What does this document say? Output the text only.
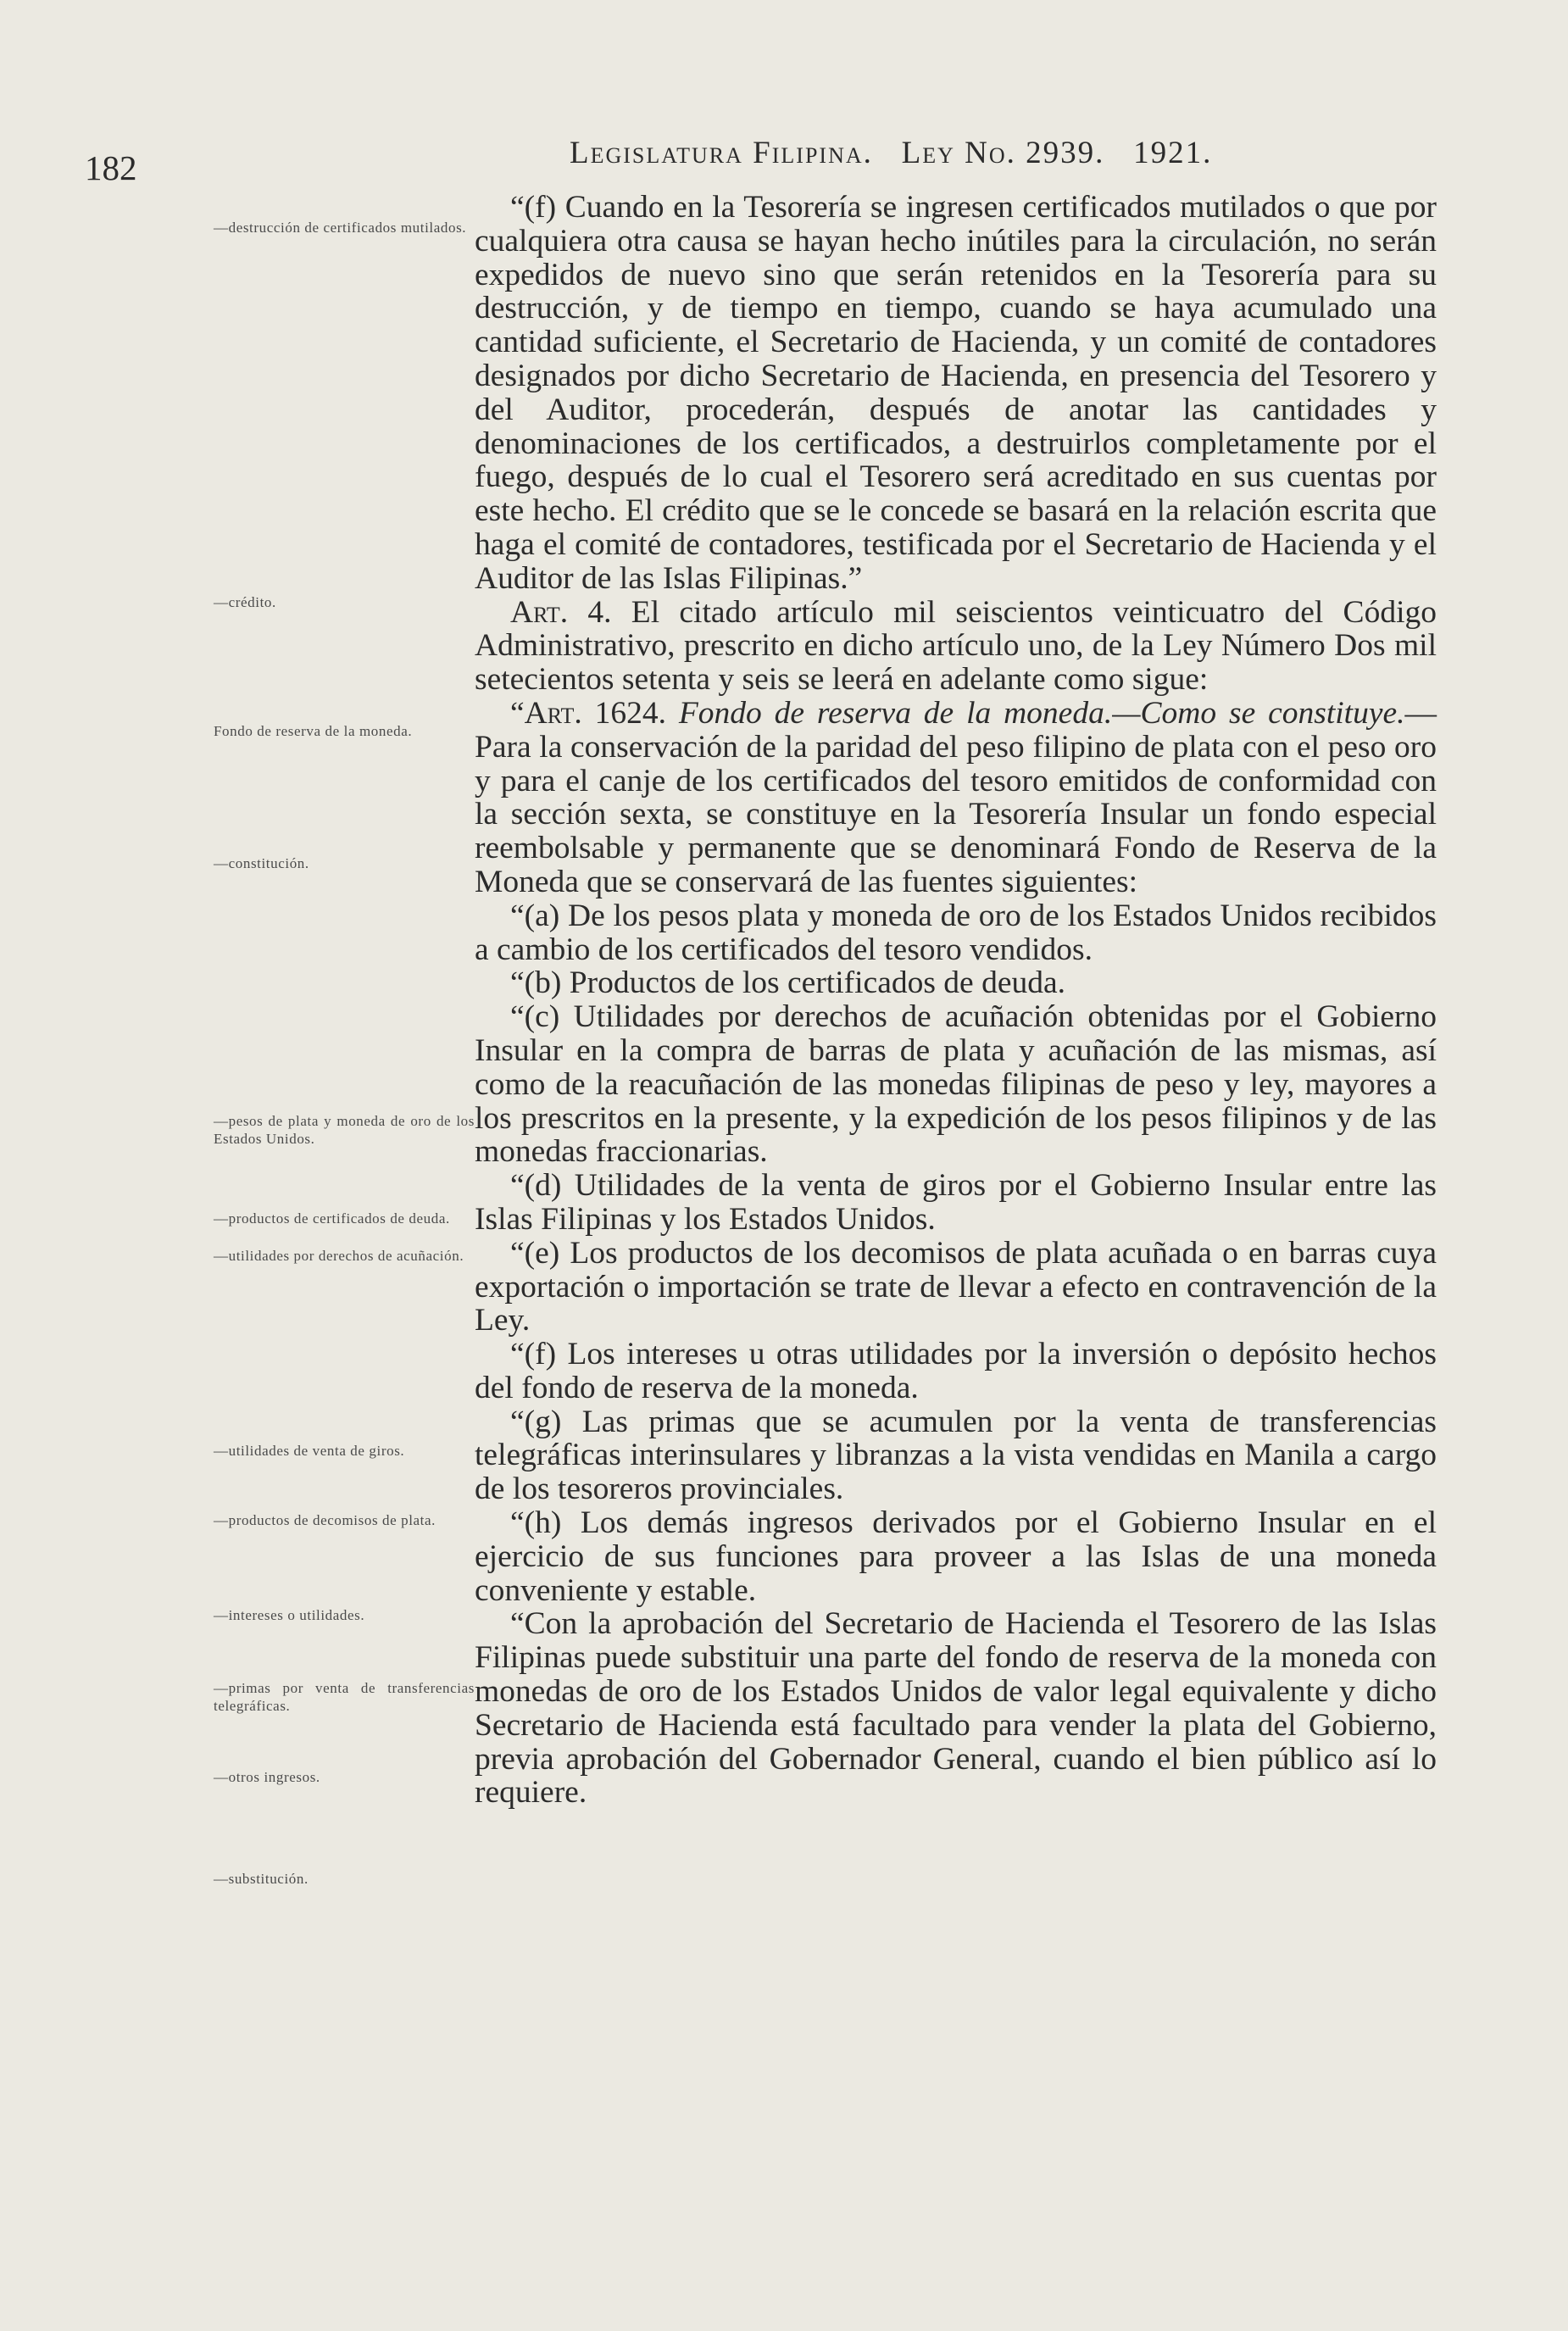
182	Legislatura Filipina. Ley No. 2939. 1921.
—destrucción de certificados mutilados.
—crédito.
Fondo de reserva de la moneda.
—constitución.
—pesos de plata y moneda de oro de los Estados Unidos.
—productos de certificados de deuda.
—utilidades por derechos de acuñación.
—utilidades de venta de giros.
—productos de decomisos de plata.
—intereses o utilidades.
—primas por venta de transferencias telegráficas.
—otros ingresos.
—substitución.

“(f) Cuando en la Tesorería se ingresen certificados mutilados o que por cualquiera otra causa se hayan hecho inútiles para la circulación, no serán expedidos de nuevo sino que serán retenidos en la Tesorería para su destrucción, y de tiempo en tiempo, cuando se haya acumulado una cantidad suficiente, el Secretario de Hacienda, y un comité de contadores designados por dicho Secretario de Hacienda, en presencia del Tesorero y del Auditor, procederán, después de anotar las cantidades y denominaciones de los certificados, a destruirlos completamente por el fuego, después de lo cual el Tesorero será acreditado en sus cuentas por este hecho. El crédito que se le concede se basará en la relación escrita que haga el comité de contadores, testificada por el Secretario de Hacienda y el Auditor de las Islas Filipinas.”

Art. 4. El citado artículo mil seiscientos veinticuatro del Código Administrativo, prescrito en dicho artículo uno, de la Ley Número Dos mil setecientos setenta y seis se leerá en adelante como sigue:

“Art. 1624. Fondo de reserva de la moneda.—Como se constituye.—Para la conservación de la paridad del peso filipino de plata con el peso oro y para el canje de los certificados del tesoro emitidos de conformidad con la sección sexta, se constituye en la Tesorería Insular un fondo especial reembolsable y permanente que se denominará Fondo de Reserva de la Moneda que se conservará de las fuentes siguientes:

“(a) De los pesos plata y moneda de oro de los Estados Unidos recibidos a cambio de los certificados del tesoro vendidos.

“(b) Productos de los certificados de deuda.

“(c) Utilidades por derechos de acuñación obtenidas por el Gobierno Insular en la compra de barras de plata y acuñación de las mismas, así como de la reacuñación de las monedas filipinas de peso y ley, mayores a los prescritos en la presente, y la expedición de los pesos filipinos y de las monedas fraccionarias.

“(d) Utilidades de la venta de giros por el Gobierno Insular entre las Islas Filipinas y los Estados Unidos.

“(e) Los productos de los decomisos de plata acuñada o en barras cuya exportación o importación se trate de llevar a efecto en contravención de la Ley.

“(f) Los intereses u otras utilidades por la inversión o depósito hechos del fondo de reserva de la moneda.

“(g) Las primas que se acumulen por la venta de transferencias telegráficas interinsulares y libranzas a la vista vendidas en Manila a cargo de los tesoreros provinciales.

“(h) Los demás ingresos derivados por el Gobierno Insular en el ejercicio de sus funciones para proveer a las Islas de una moneda conveniente y estable.

“Con la aprobación del Secretario de Hacienda el Tesorero de las Islas Filipinas puede substituir una parte del fondo de reserva de la moneda con monedas de oro de los Estados Unidos de valor legal equivalente y dicho Secretario de Hacienda está facultado para vender la plata del Gobierno, previa aprobación del Gobernador General, cuando el bien público así lo requiere.
